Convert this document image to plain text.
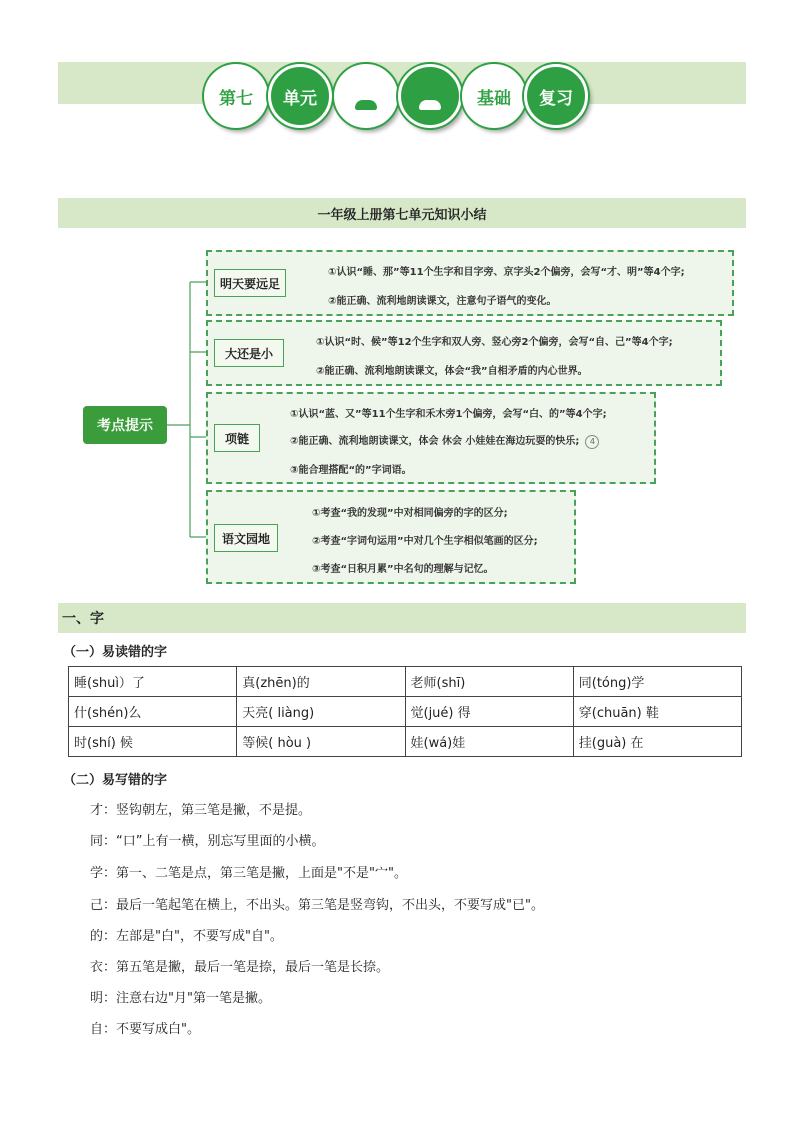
第七 单元	基础 复习
一年级上册第七单元知识小结
考点提示
明天要远足
①认识“睡、那”等11个生字和目字旁、京字头2个偏旁，会写“才、明”等4个字;
②能正确、流利地朗读课文，注意句子语气的变化。
大还是小
①认识“时、候”等12个生字和双人旁、竖心旁2个偏旁，会写“自、己”等4个字;
②能正确、流利地朗读课文，体会“我”自相矛盾的内心世界。
项链
①认识“蓝、又”等11个生字和禾木旁1个偏旁，会写“白、的”等4个字;
②能正确、流利地朗读课文，体会 休会 小娃娃在海边玩耍的快乐; 4
③能合理搭配“的”字词语。
语文园地
①考查“我的发现”中对相同偏旁的字的区分;
②考查“字词句运用”中对几个生字相似笔画的区分;
③考查“日积月累”中名句的理解与记忆。
一、字
（一）易读错的字
睡(shuì）了	真(zhēn)的	老师(shī)	同(tóng)学
什(shén)么	天亮( liàng)	觉(jué) 得	穿(chuān) 鞋
时(shí) 候	等候( hòu )	娃(wá)娃	挂(guà) 在
（二）易写错的字
才：竖钩朝左，第三笔是撇，不是提。
同：“口”上有一横，别忘写里面的小横。
学：第一、二笔是点，第三笔是撇，上面是"不是"宀"。
己：最后一笔起笔在横上，不出头。第三笔是竖弯钩，不出头，不要写成"已"。
的：左部是"白"，不要写成"自"。
衣：第五笔是撇，最后一笔是捺，最后一笔是长捺。
明：注意右边"月"第一笔是撇。
自：不要写成白"。
